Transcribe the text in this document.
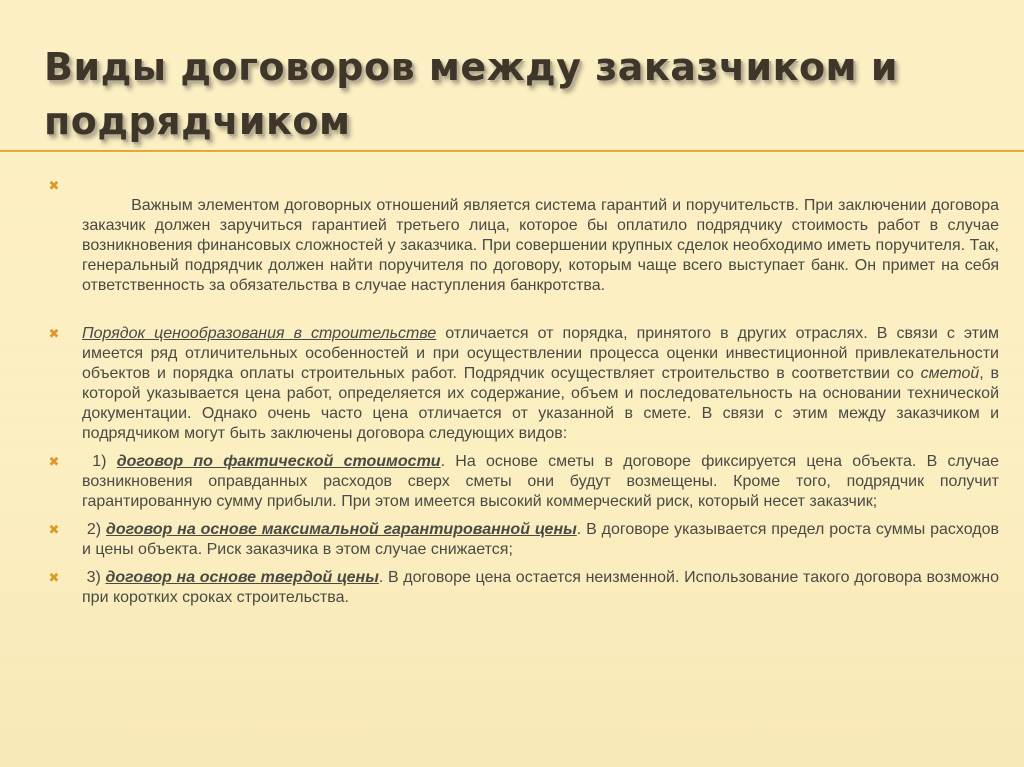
Виды договоров между заказчиком и подрядчиком

✖
Важным элементом договорных отношений является система гарантий и поручительств. При заключении договора заказчик должен заручиться гарантией третьего лица, которое бы оплатило подрядчику стоимость работ в случае возникновения финансовых сложностей у заказчика. При совершении крупных сделок необходимо иметь поручителя. Так, генеральный подрядчик должен найти поручителя по договору, которым чаще всего выступает банк. Он примет на себя ответственность за обязательства в случае наступления банкротства.

✖ Порядок ценообразования в строительстве отличается от порядка, принятого в других отраслях. В связи с этим имеется ряд отличительных особенностей и при осуществлении процесса оценки инвестиционной привлекательности объектов и порядка оплаты строительных работ. Подрядчик осуществляет строительство в соответствии со сметой, в которой указывается цена работ, определяется их содержание, объем и последовательность на основании технической документации. Однако очень часто цена отличается от указанной в смете. В связи с этим между заказчиком и подрядчиком могут быть заключены договора следующих видов:
✖ 1) договор по фактической стоимости. На основе сметы в договоре фиксируется цена объекта. В случае возникновения оправданных расходов сверх сметы они будут возмещены. Кроме того, подрядчик получит гарантированную сумму прибыли. При этом имеется высокий коммерческий риск, который несет заказчик;
✖ 2) договор на основе максимальной гарантированной цены. В договоре указывается предел роста суммы расходов и цены объекта. Риск заказчика в этом случае снижается;
✖ 3) договор на основе твердой цены. В договоре цена остается неизменной. Использование такого договора возможно при коротких сроках строительства.
